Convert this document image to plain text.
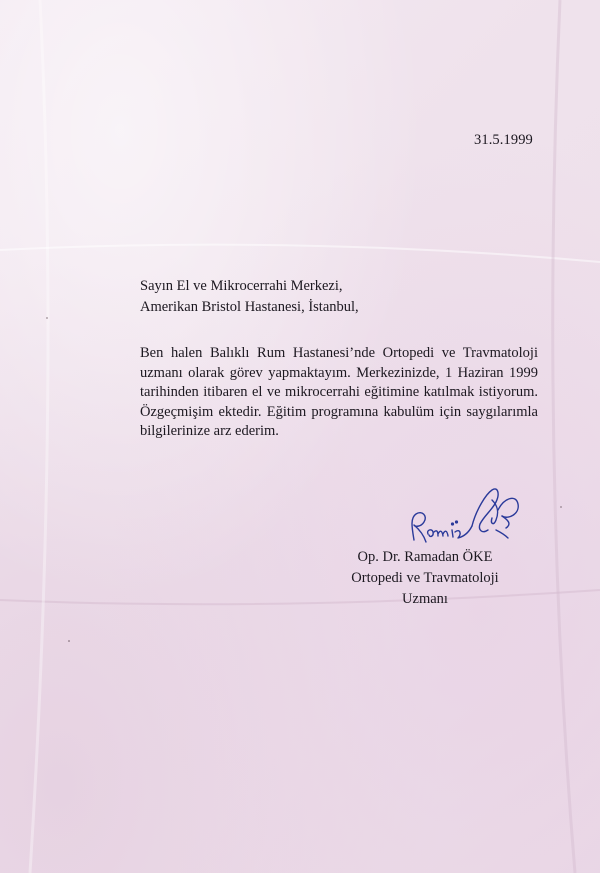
31.5.1999
Sayın El ve Mikrocerrahi Merkezi,
Amerikan Bristol Hastanesi, İstanbul,
Ben halen Balıklı Rum Hastanesi’nde Ortopedi ve Travmatoloji
uzmanı olarak görev yapmaktayım. Merkezinizde, 1 Haziran 1999
tarihinden itibaren el ve mikrocerrahi eğitimine katılmak istiyorum.
Özgeçmişim ektedir. Eğitim programına kabulüm için saygılarımla
bilgilerinize arz ederim.
Op. Dr. Ramadan ÖKE
Ortopedi ve Travmatoloji
Uzmanı
